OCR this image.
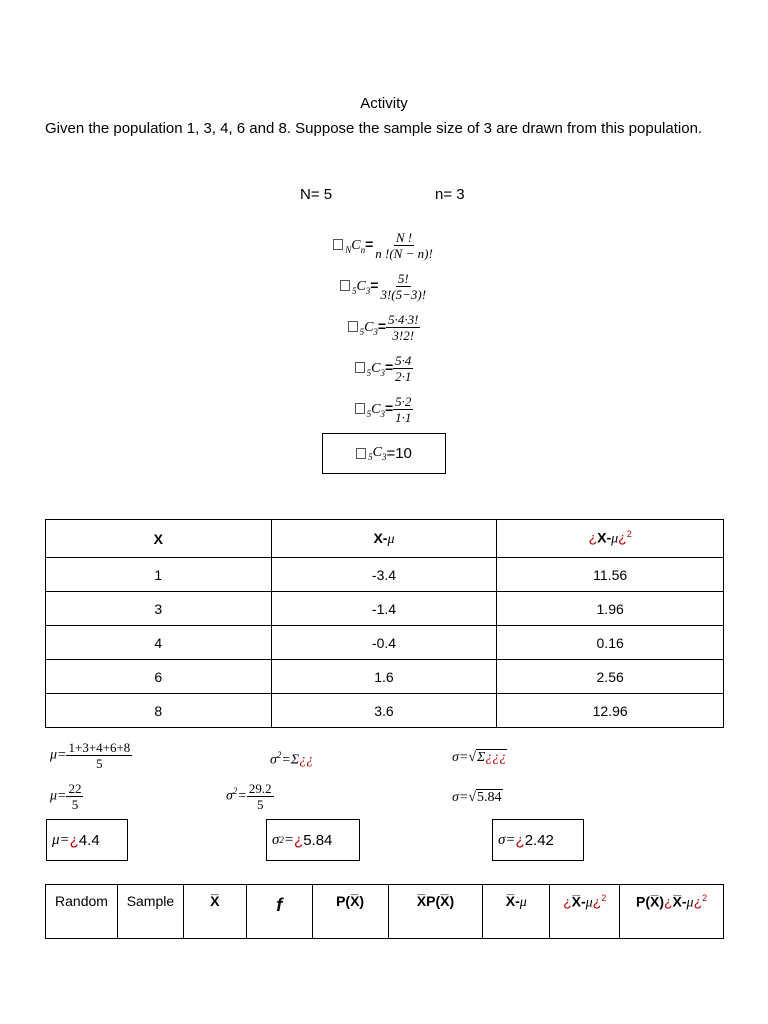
Activity
Given the population 1, 3, 4, 6 and 8. Suppose the sample size of 3 are drawn from this population.
N= 5	n= 3
$_NC_n= \frac{N !}{n !(N - n)!}$
$_5C_3= \frac{5!}{3!(5-3)!}$
$_5C_3= \frac{5\cdot 4\cdot 3!}{3!2!}$
$_5C_3= \frac{5\cdot 4}{2\cdot 1}$
$_5C_3= \frac{5\cdot 2}{1\cdot 1}$
$_5C_3 =10$
X	X-μ	¿X-μ¿$^2$
1	-3.4	11.56
3	-1.4	1.96
4	-0.4	0.16
6	1.6	2.56
8	3.6	12.96
$\mu= \frac{1+3+4+6+8}{5}$
$\mu= \frac{22}{5}$
μ= ¿ 4.4
$\sigma^2=\Sigma¿¿$
$\sigma^2= \frac{29.2}{5}$
σ 2 = ¿ 5.84
σ=√Σ¿¿¿
σ=√5.84
σ= ¿ 2.42
Random	Sample	X̅	f	P(X̅)	X̅P(X̅)	X̅-μ	¿X̅-μ¿$^2$	P(X̅)¿X̅-μ¿$^2$
